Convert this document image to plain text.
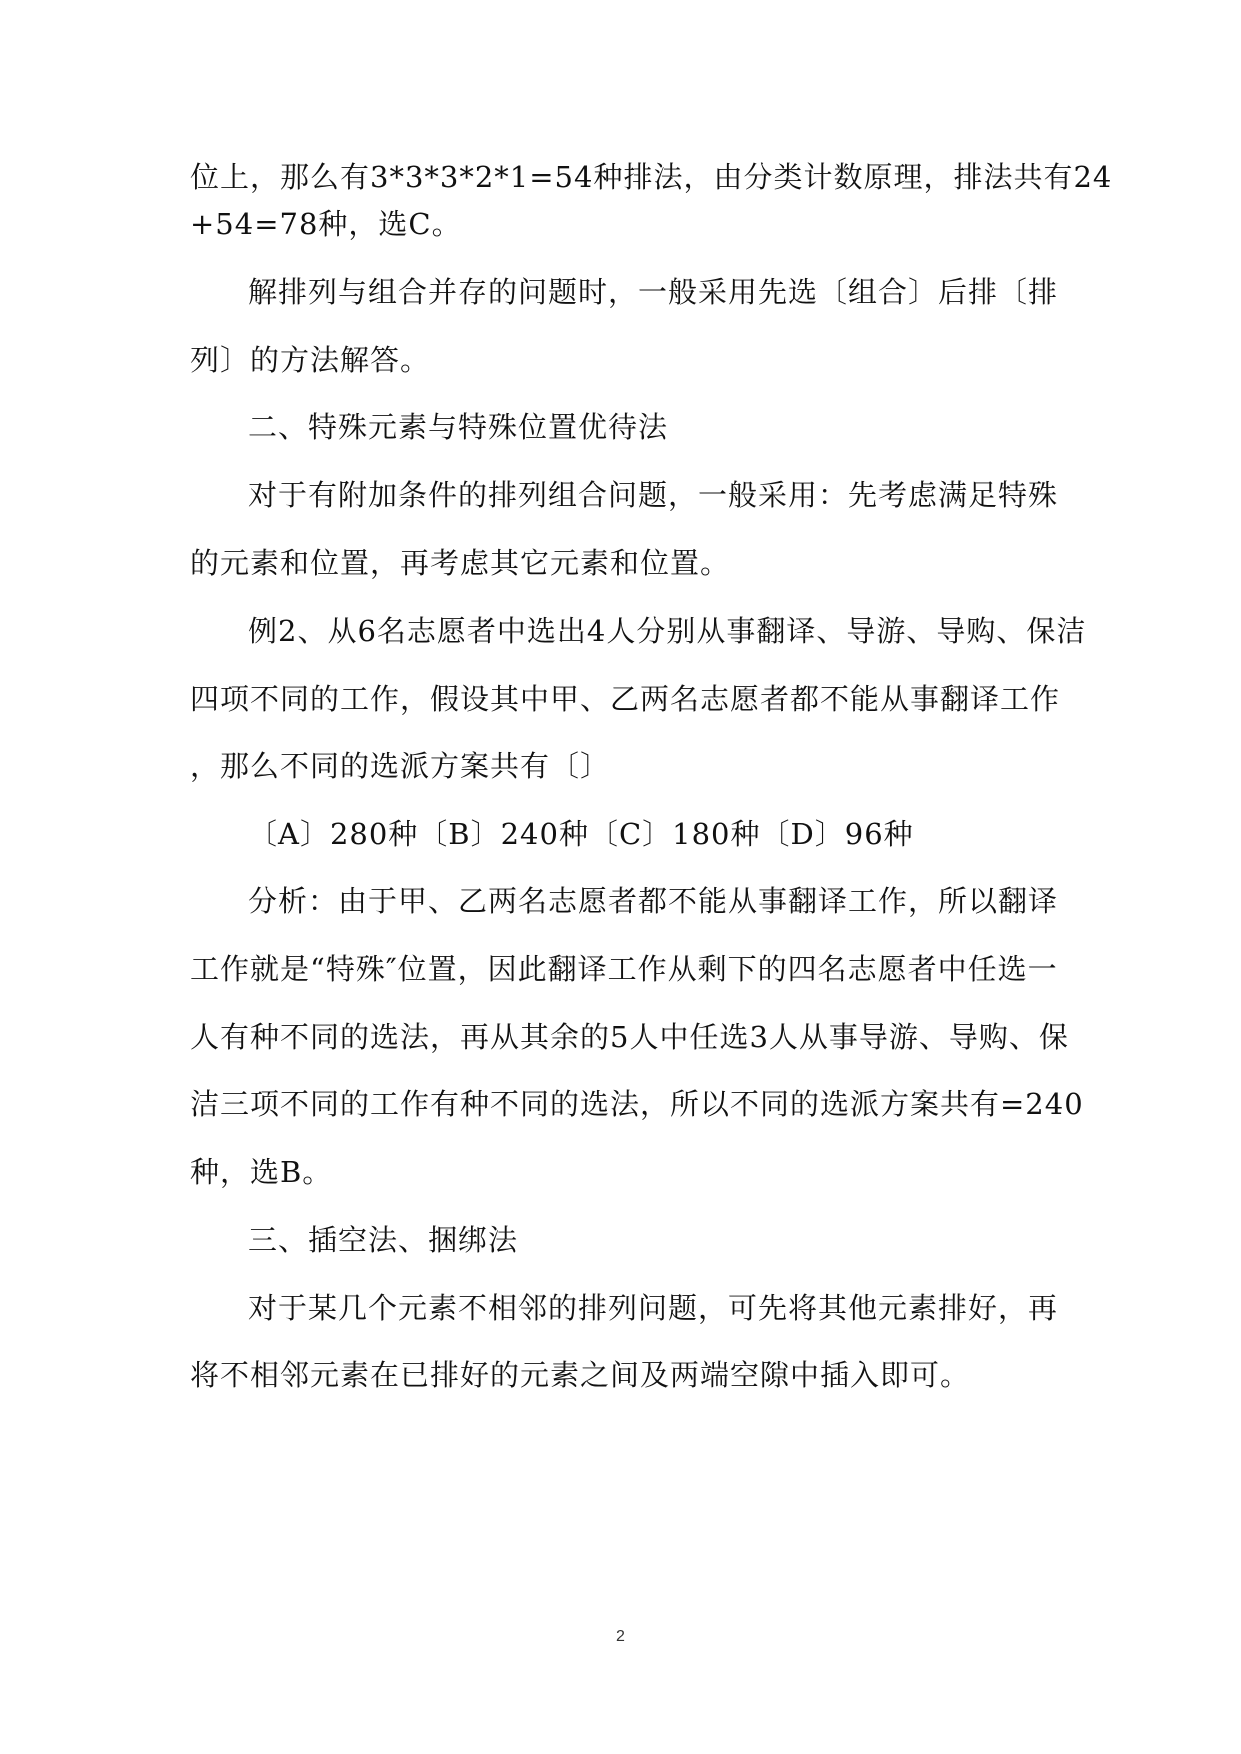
位上，那么有3*3*3*2*1=54种排法，由分类计数原理，排法共有24
+54=78种，选C。
解排列与组合并存的问题时，一般采用先选〔组合〕后排〔排
列〕的方法解答。
二、特殊元素与特殊位置优待法
对于有附加条件的排列组合问题，一般采用：先考虑满足特殊
的元素和位置，再考虑其它元素和位置。
例2、从6名志愿者中选出4人分别从事翻译、导游、导购、保洁
四项不同的工作，假设其中甲、乙两名志愿者都不能从事翻译工作
，那么不同的选派方案共有〔〕
〔A〕280种〔B〕240种〔C〕180种〔D〕96种
分析：由于甲、乙两名志愿者都不能从事翻译工作，所以翻译
工作就是“特殊″位置，因此翻译工作从剩下的四名志愿者中任选一
人有种不同的选法，再从其余的5人中任选3人从事导游、导购、保
洁三项不同的工作有种不同的选法，所以不同的选派方案共有=240
种，选B。
三、插空法、捆绑法
对于某几个元素不相邻的排列问题，可先将其他元素排好，再
将不相邻元素在已排好的元素之间及两端空隙中插入即可。
2
